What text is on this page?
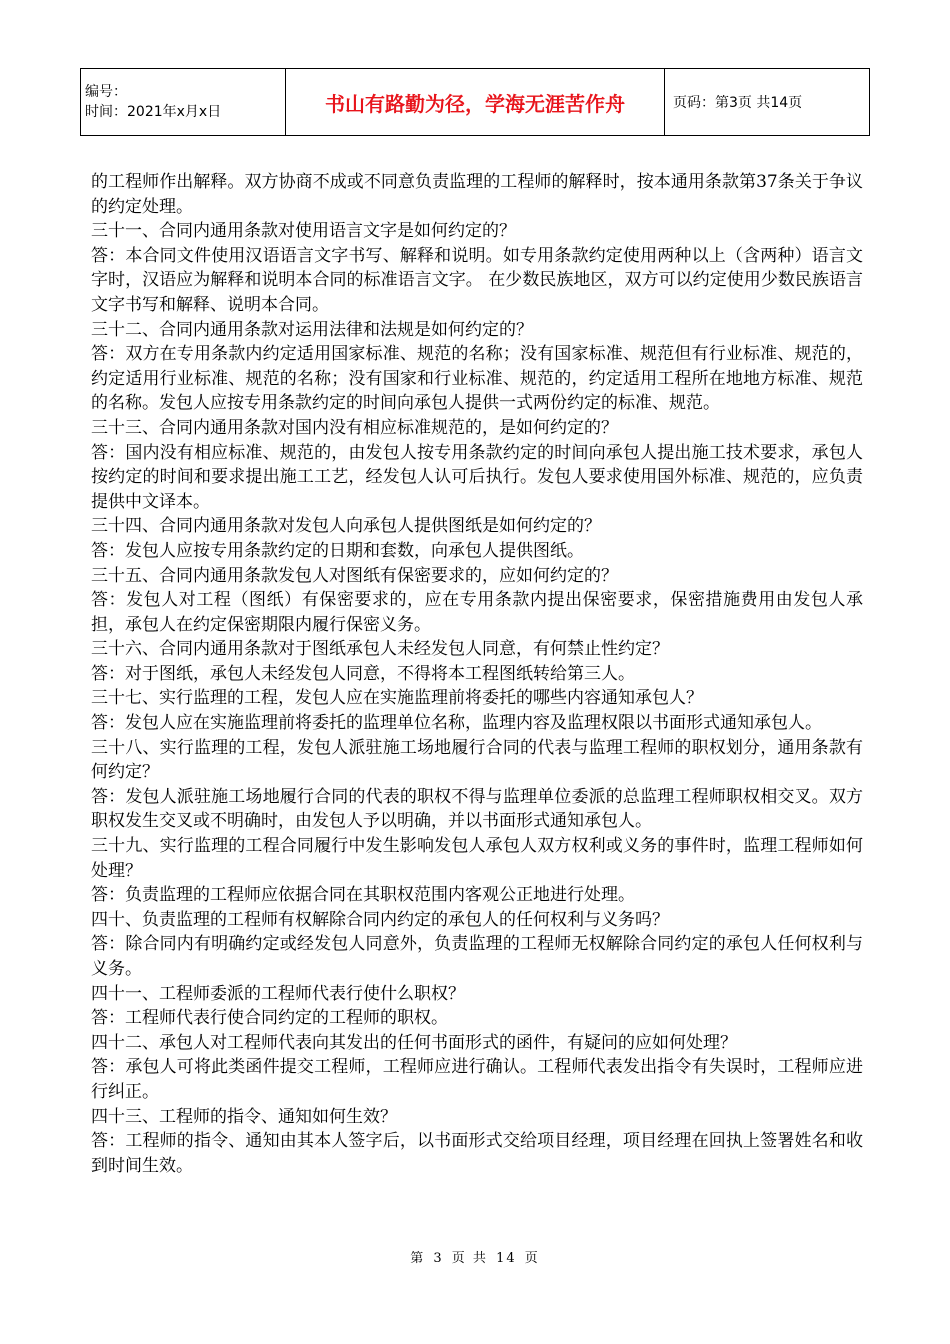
编号：
时间：2021年x月x日	书山有路勤为径，学海无涯苦作舟	页码：第3页 共14页

的工程师作出解释。双方协商不成或不同意负责监理的工程师的解释时，按本通用条款第37条关于争议的约定处理。

三十一、合同内通用条款对使用语言文字是如何约定的？

答：本合同文件使用汉语语言文字书写、解释和说明。如专用条款约定使用两种以上（含两种）语言文字时，汉语应为解释和说明本合同的标准语言文字。 在少数民族地区，双方可以约定使用少数民族语言文字书写和解释、说明本合同。

三十二、合同内通用条款对运用法律和法规是如何约定的？

答：双方在专用条款内约定适用国家标准、规范的名称；没有国家标准、规范但有行业标准、规范的，约定适用行业标准、规范的名称；没有国家和行业标准、规范的，约定适用工程所在地地方标准、规范的名称。发包人应按专用条款约定的时间向承包人提供一式两份约定的标准、规范。

三十三、合同内通用条款对国内没有相应标准规范的，是如何约定的？

答：国内没有相应标准、规范的，由发包人按专用条款约定的时间向承包人提出施工技术要求，承包人按约定的时间和要求提出施工工艺，经发包人认可后执行。发包人要求使用国外标准、规范的，应负责提供中文译本。

三十四、合同内通用条款对发包人向承包人提供图纸是如何约定的？

答：发包人应按专用条款约定的日期和套数，向承包人提供图纸。

三十五、合同内通用条款发包人对图纸有保密要求的，应如何约定的？

答：发包人对工程（图纸）有保密要求的，应在专用条款内提出保密要求，保密措施费用由发包人承担，承包人在约定保密期限内履行保密义务。

三十六、合同内通用条款对于图纸承包人未经发包人同意，有何禁止性约定？

答：对于图纸，承包人未经发包人同意，不得将本工程图纸转给第三人。

三十七、实行监理的工程，发包人应在实施监理前将委托的哪些内容通知承包人？

答：发包人应在实施监理前将委托的监理单位名称，监理内容及监理权限以书面形式通知承包人。

三十八、实行监理的工程，发包人派驻施工场地履行合同的代表与监理工程师的职权划分，通用条款有何约定？

答：发包人派驻施工场地履行合同的代表的职权不得与监理单位委派的总监理工程师职权相交叉。双方职权发生交叉或不明确时，由发包人予以明确，并以书面形式通知承包人。

三十九、实行监理的工程合同履行中发生影响发包人承包人双方权利或义务的事件时，监理工程师如何处理？

答：负责监理的工程师应依据合同在其职权范围内客观公正地进行处理。

四十、负责监理的工程师有权解除合同内约定的承包人的任何权利与义务吗？

答：除合同内有明确约定或经发包人同意外，负责监理的工程师无权解除合同约定的承包人任何权利与义务。

四十一、工程师委派的工程师代表行使什么职权？

答：工程师代表行使合同约定的工程师的职权。

四十二、承包人对工程师代表向其发出的任何书面形式的函件，有疑问的应如何处理？

答：承包人可将此类函件提交工程师，工程师应进行确认。工程师代表发出指令有失误时，工程师应进行纠正。

四十三、工程师的指令、通知如何生效？

答：工程师的指令、通知由其本人签字后，以书面形式交给项目经理，项目经理在回执上签署姓名和收到时间生效。

第 3 页 共 14 页
